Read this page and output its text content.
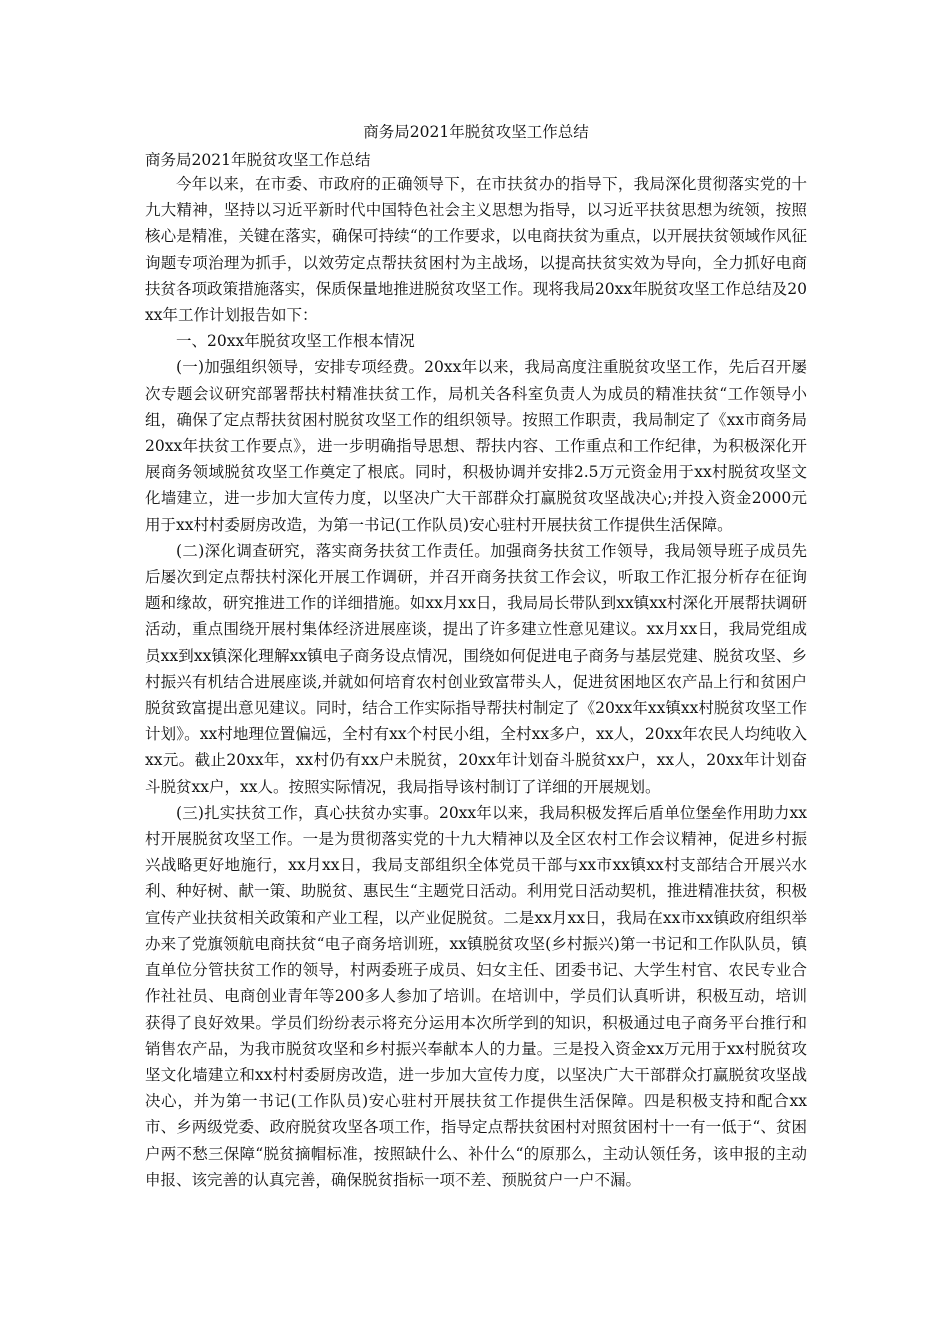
商务局2021年脱贫攻坚工作总结

商务局2021年脱贫攻坚工作总结

今年以来，在市委、市政府的正确领导下，在市扶贫办的指导下，我局深化贯彻落实党的十九大精神，坚持以习近平新时代中国特色社会主义思想为指导，以习近平扶贫思想为统领，按照核心是精准，关键在落实，确保可持续“的工作要求，以电商扶贫为重点，以开展扶贫领域作风征询题专项治理为抓手，以效劳定点帮扶贫困村为主战场，以提高扶贫实效为导向，全力抓好电商扶贫各项政策措施落实，保质保量地推进脱贫攻坚工作。现将我局20xx年脱贫攻坚工作总结及20xx年工作计划报告如下：

一、20xx年脱贫攻坚工作根本情况

(一)加强组织领导，安排专项经费。20xx年以来，我局高度注重脱贫攻坚工作，先后召开屡次专题会议研究部署帮扶村精准扶贫工作，局机关各科室负责人为成员的精准扶贫“工作领导小组，确保了定点帮扶贫困村脱贫攻坚工作的组织领导。按照工作职责，我局制定了《xx市商务局20xx年扶贫工作要点》，进一步明确指导思想、帮扶内容、工作重点和工作纪律，为积极深化开展商务领域脱贫攻坚工作奠定了根底。同时，积极协调并安排2.5万元资金用于xx村脱贫攻坚文化墙建立，进一步加大宣传力度，以坚决广大干部群众打赢脱贫攻坚战决心;并投入资金2000元用于xx村村委厨房改造，为第一书记(工作队员)安心驻村开展扶贫工作提供生活保障。

(二)深化调查研究，落实商务扶贫工作责任。加强商务扶贫工作领导，我局领导班子成员先后屡次到定点帮扶村深化开展工作调研，并召开商务扶贫工作会议，听取工作汇报分析存在征询题和缘故，研究推进工作的详细措施。如xx月xx日，我局局长带队到xx镇xx村深化开展帮扶调研活动，重点围绕开展村集体经济进展座谈，提出了许多建立性意见建议。xx月xx日，我局党组成员xx到xx镇深化理解xx镇电子商务设点情况，围绕如何促进电子商务与基层党建、脱贫攻坚、乡村振兴有机结合进展座谈,并就如何培育农村创业致富带头人，促进贫困地区农产品上行和贫困户脱贫致富提出意见建议。同时，结合工作实际指导帮扶村制定了《20xx年xx镇xx村脱贫攻坚工作计划》。xx村地理位置偏远，全村有xx个村民小组，全村xx多户，xx人，20xx年农民人均纯收入xx元。截止20xx年，xx村仍有xx户未脱贫，20xx年计划奋斗脱贫xx户，xx人，20xx年计划奋斗脱贫xx户，xx人。按照实际情况，我局指导该村制订了详细的开展规划。

(三)扎实扶贫工作，真心扶贫办实事。20xx年以来，我局积极发挥后盾单位堡垒作用助力xx村开展脱贫攻坚工作。一是为贯彻落实党的十九大精神以及全区农村工作会议精神，促进乡村振兴战略更好地施行，xx月xx日，我局支部组织全体党员干部与xx市xx镇xx村支部结合开展兴水利、种好树、献一策、助脱贫、惠民生“主题党日活动。利用党日活动契机，推进精准扶贫，积极宣传产业扶贫相关政策和产业工程，以产业促脱贫。二是xx月xx日，我局在xx市xx镇政府组织举办来了党旗领航电商扶贫“电子商务培训班，xx镇脱贫攻坚(乡村振兴)第一书记和工作队队员，镇直单位分管扶贫工作的领导，村两委班子成员、妇女主任、团委书记、大学生村官、农民专业合作社社员、电商创业青年等200多人参加了培训。在培训中，学员们认真听讲，积极互动，培训获得了良好效果。学员们纷纷表示将充分运用本次所学到的知识，积极通过电子商务平台推行和销售农产品，为我市脱贫攻坚和乡村振兴奉献本人的力量。三是投入资金xx万元用于xx村脱贫攻坚文化墙建立和xx村村委厨房改造，进一步加大宣传力度，以坚决广大干部群众打赢脱贫攻坚战决心，并为第一书记(工作队员)安心驻村开展扶贫工作提供生活保障。四是积极支持和配合xx市、乡两级党委、政府脱贫攻坚各项工作，指导定点帮扶贫困村对照贫困村十一有一低于“、贫困户两不愁三保障“脱贫摘帽标准，按照缺什么、补什么“的原那么，主动认领任务，该申报的主动申报、该完善的认真完善，确保脱贫指标一项不差、预脱贫户一户不漏。
